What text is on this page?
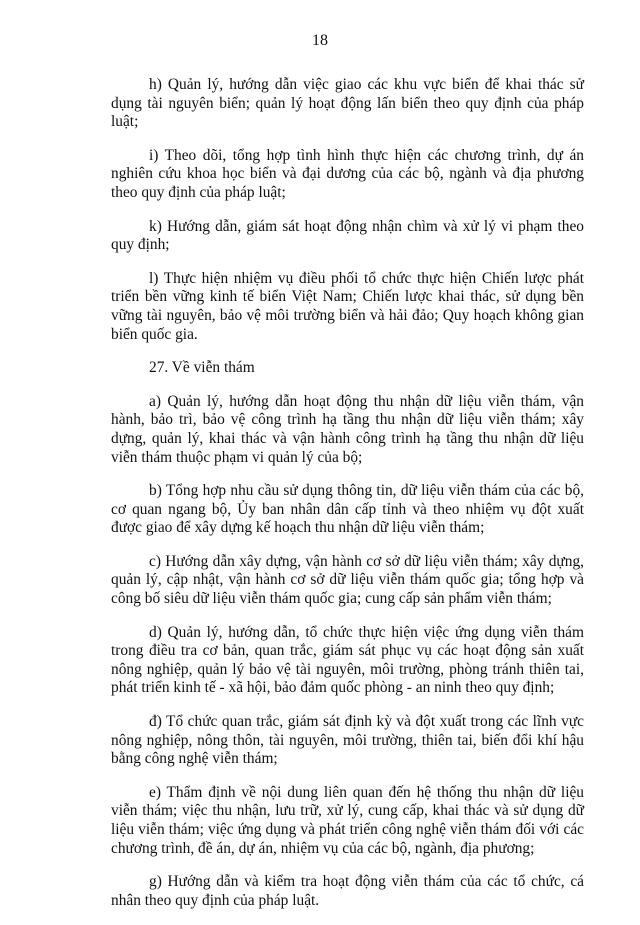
18

h) Quản lý, hướng dẫn việc giao các khu vực biển để khai thác sử dụng tài nguyên biển; quản lý hoạt động lấn biển theo quy định của pháp luật;

i) Theo dõi, tổng hợp tình hình thực hiện các chương trình, dự án nghiên cứu khoa học biển và đại dương của các bộ, ngành và địa phương theo quy định của pháp luật;

k) Hướng dẫn, giám sát hoạt động nhận chìm và xử lý vi phạm theo quy định;

l) Thực hiện nhiệm vụ điều phối tổ chức thực hiện Chiến lược phát triển bền vững kinh tế biển Việt Nam; Chiến lược khai thác, sử dụng bền vững tài nguyên, bảo vệ môi trường biển và hải đảo; Quy hoạch không gian biển quốc gia.

27. Về viễn thám

a) Quản lý, hướng dẫn hoạt động thu nhận dữ liệu viễn thám, vận hành, bảo trì, bảo vệ công trình hạ tầng thu nhận dữ liệu viễn thám; xây dựng, quản lý, khai thác và vận hành công trình hạ tầng thu nhận dữ liệu viễn thám thuộc phạm vi quản lý của bộ;

b) Tổng hợp nhu cầu sử dụng thông tin, dữ liệu viễn thám của các bộ, cơ quan ngang bộ, Ủy ban nhân dân cấp tỉnh và theo nhiệm vụ đột xuất được giao để xây dựng kế hoạch thu nhận dữ liệu viễn thám;

c) Hướng dẫn xây dựng, vận hành cơ sở dữ liệu viễn thám; xây dựng, quản lý, cập nhật, vận hành cơ sở dữ liệu viễn thám quốc gia; tổng hợp và công bố siêu dữ liệu viễn thám quốc gia; cung cấp sản phẩm viễn thám;

d) Quản lý, hướng dẫn, tổ chức thực hiện việc ứng dụng viễn thám trong điều tra cơ bản, quan trắc, giám sát phục vụ các hoạt động sản xuất nông nghiệp, quản lý bảo vệ tài nguyên, môi trường, phòng tránh thiên tai, phát triển kinh tế - xã hội, bảo đảm quốc phòng - an ninh theo quy định;

đ) Tổ chức quan trắc, giám sát định kỳ và đột xuất trong các lĩnh vực nông nghiệp, nông thôn, tài nguyên, môi trường, thiên tai, biến đổi khí hậu bằng công nghệ viễn thám;

e) Thẩm định về nội dung liên quan đến hệ thống thu nhận dữ liệu viễn thám; việc thu nhận, lưu trữ, xử lý, cung cấp, khai thác và sử dụng dữ liệu viễn thám; việc ứng dụng và phát triển công nghệ viễn thám đối với các chương trình, đề án, dự án, nhiệm vụ của các bộ, ngành, địa phương;

g) Hướng dẫn và kiểm tra hoạt động viễn thám của các tổ chức, cá nhân theo quy định của pháp luật.
